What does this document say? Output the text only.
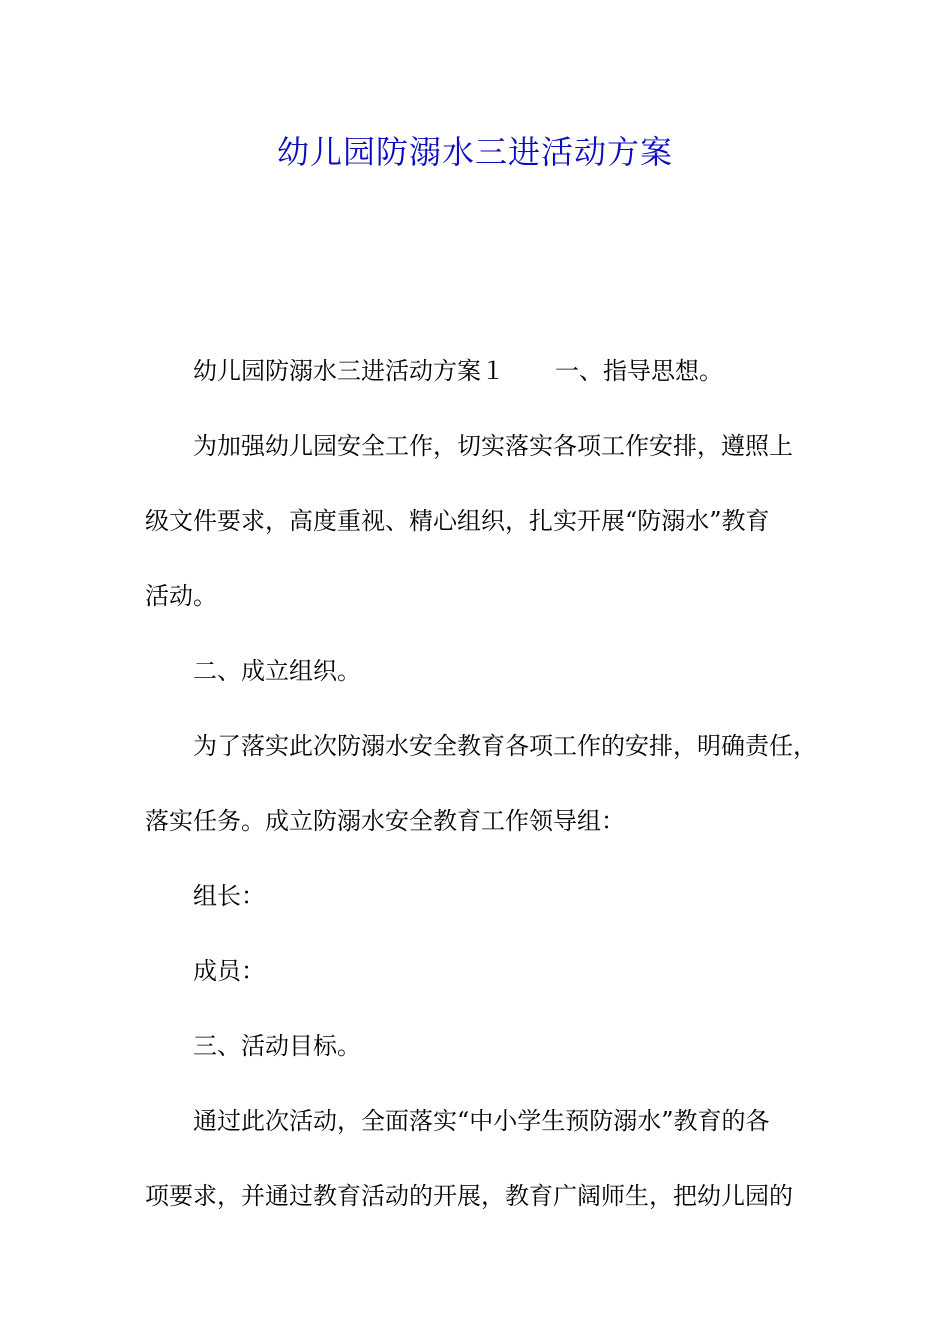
幼儿园防溺水三进活动方案
幼儿园防溺水三进活动方案１ 一、指导思想。
为加强幼儿园安全工作，切实落实各项工作安排，遵照上
级文件要求，高度重视、精心组织，扎实开展“防溺水”教育
活动。
二、成立组织。
为了落实此次防溺水安全教育各项工作的安排，明确责任，
落实任务。成立防溺水安全教育工作领导组：
组长：
成员：
三、活动目标。
通过此次活动，全面落实“中小学生预防溺水”教育的各
项要求，并通过教育活动的开展，教育广阔师生，把幼儿园的
